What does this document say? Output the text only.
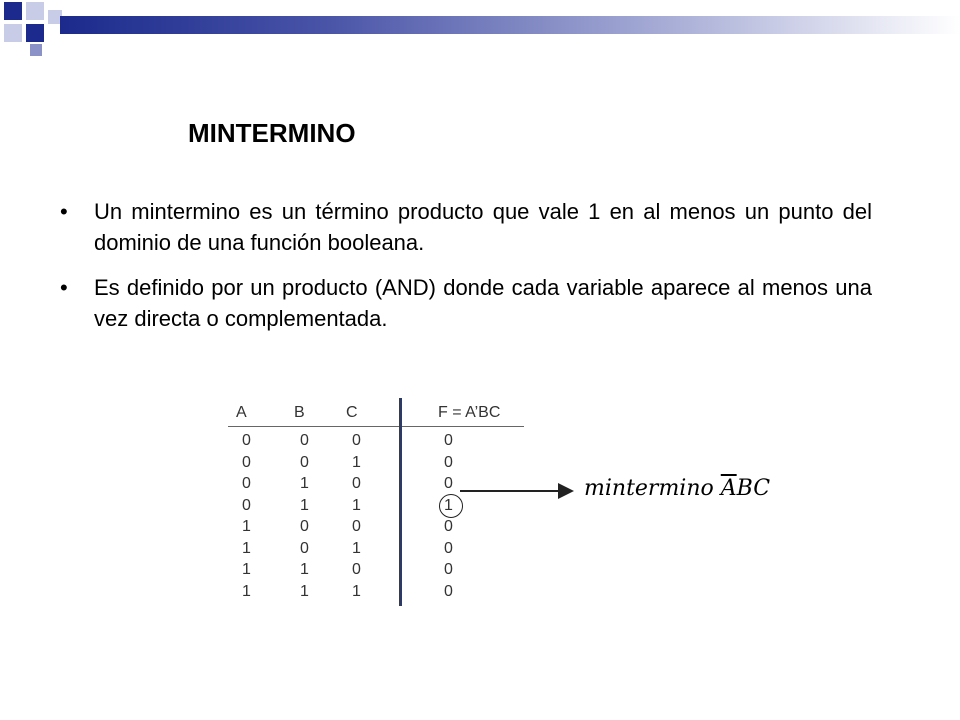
MINTERMINO
• Un mintermino es un término producto que vale 1 en al menos un punto del dominio de una función booleana.
• Es definido por un producto (AND) donde cada variable aparece al menos una vez directa o complementada.
A	B	C	F = A’BC
0	0	0	0
0	0	1	0
0	1	0	0
0	1	1	1
1	0	0	0
1	0	1	0
1	1	0	0
1	1	1	0
mintermino $\overline{A}BC$
